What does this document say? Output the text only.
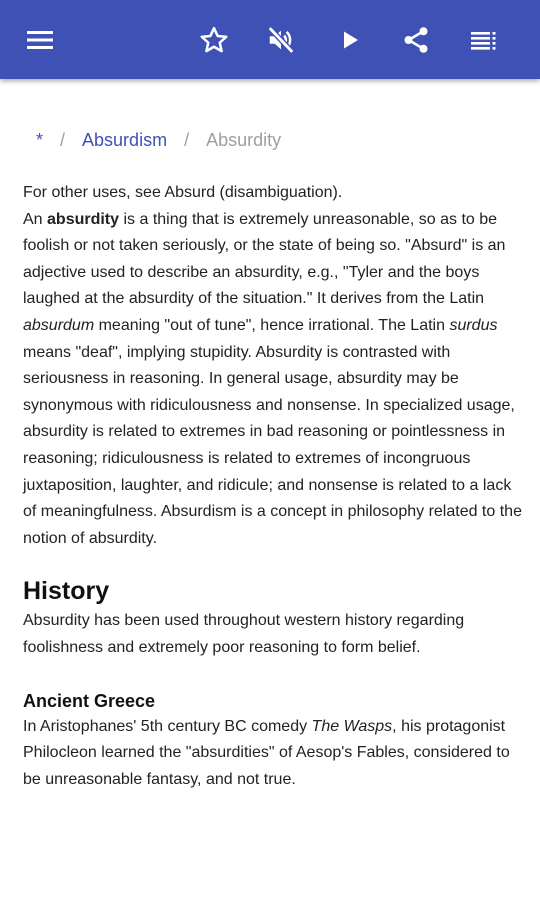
* / Absurdism / Absurdity

For other uses, see Absurd (disambiguation).

An absurdity is a thing that is extremely unreasonable, so as to be foolish or not taken seriously, or the state of being so. "Absurd" is an adjective used to describe an absurdity, e.g., "Tyler and the boys laughed at the absurdity of the situation." It derives from the Latin absurdum meaning "out of tune", hence irrational. The Latin surdus means "deaf", implying stupidity. Absurdity is contrasted with seriousness in reasoning. In general usage, absurdity may be synonymous with ridiculousness and nonsense. In specialized usage, absurdity is related to extremes in bad reasoning or pointlessness in reasoning; ridiculousness is related to extremes of incongruous juxtaposition, laughter, and ridicule; and nonsense is related to a lack of meaningfulness. Absurdism is a concept in philosophy related to the notion of absurdity.

History

Absurdity has been used throughout western history regarding foolishness and extremely poor reasoning to form belief.

Ancient Greece

In Aristophanes' 5th century BC comedy The Wasps, his protagonist Philocleon learned the "absurdities" of Aesop's Fables, considered to be unreasonable fantasy, and not true.
